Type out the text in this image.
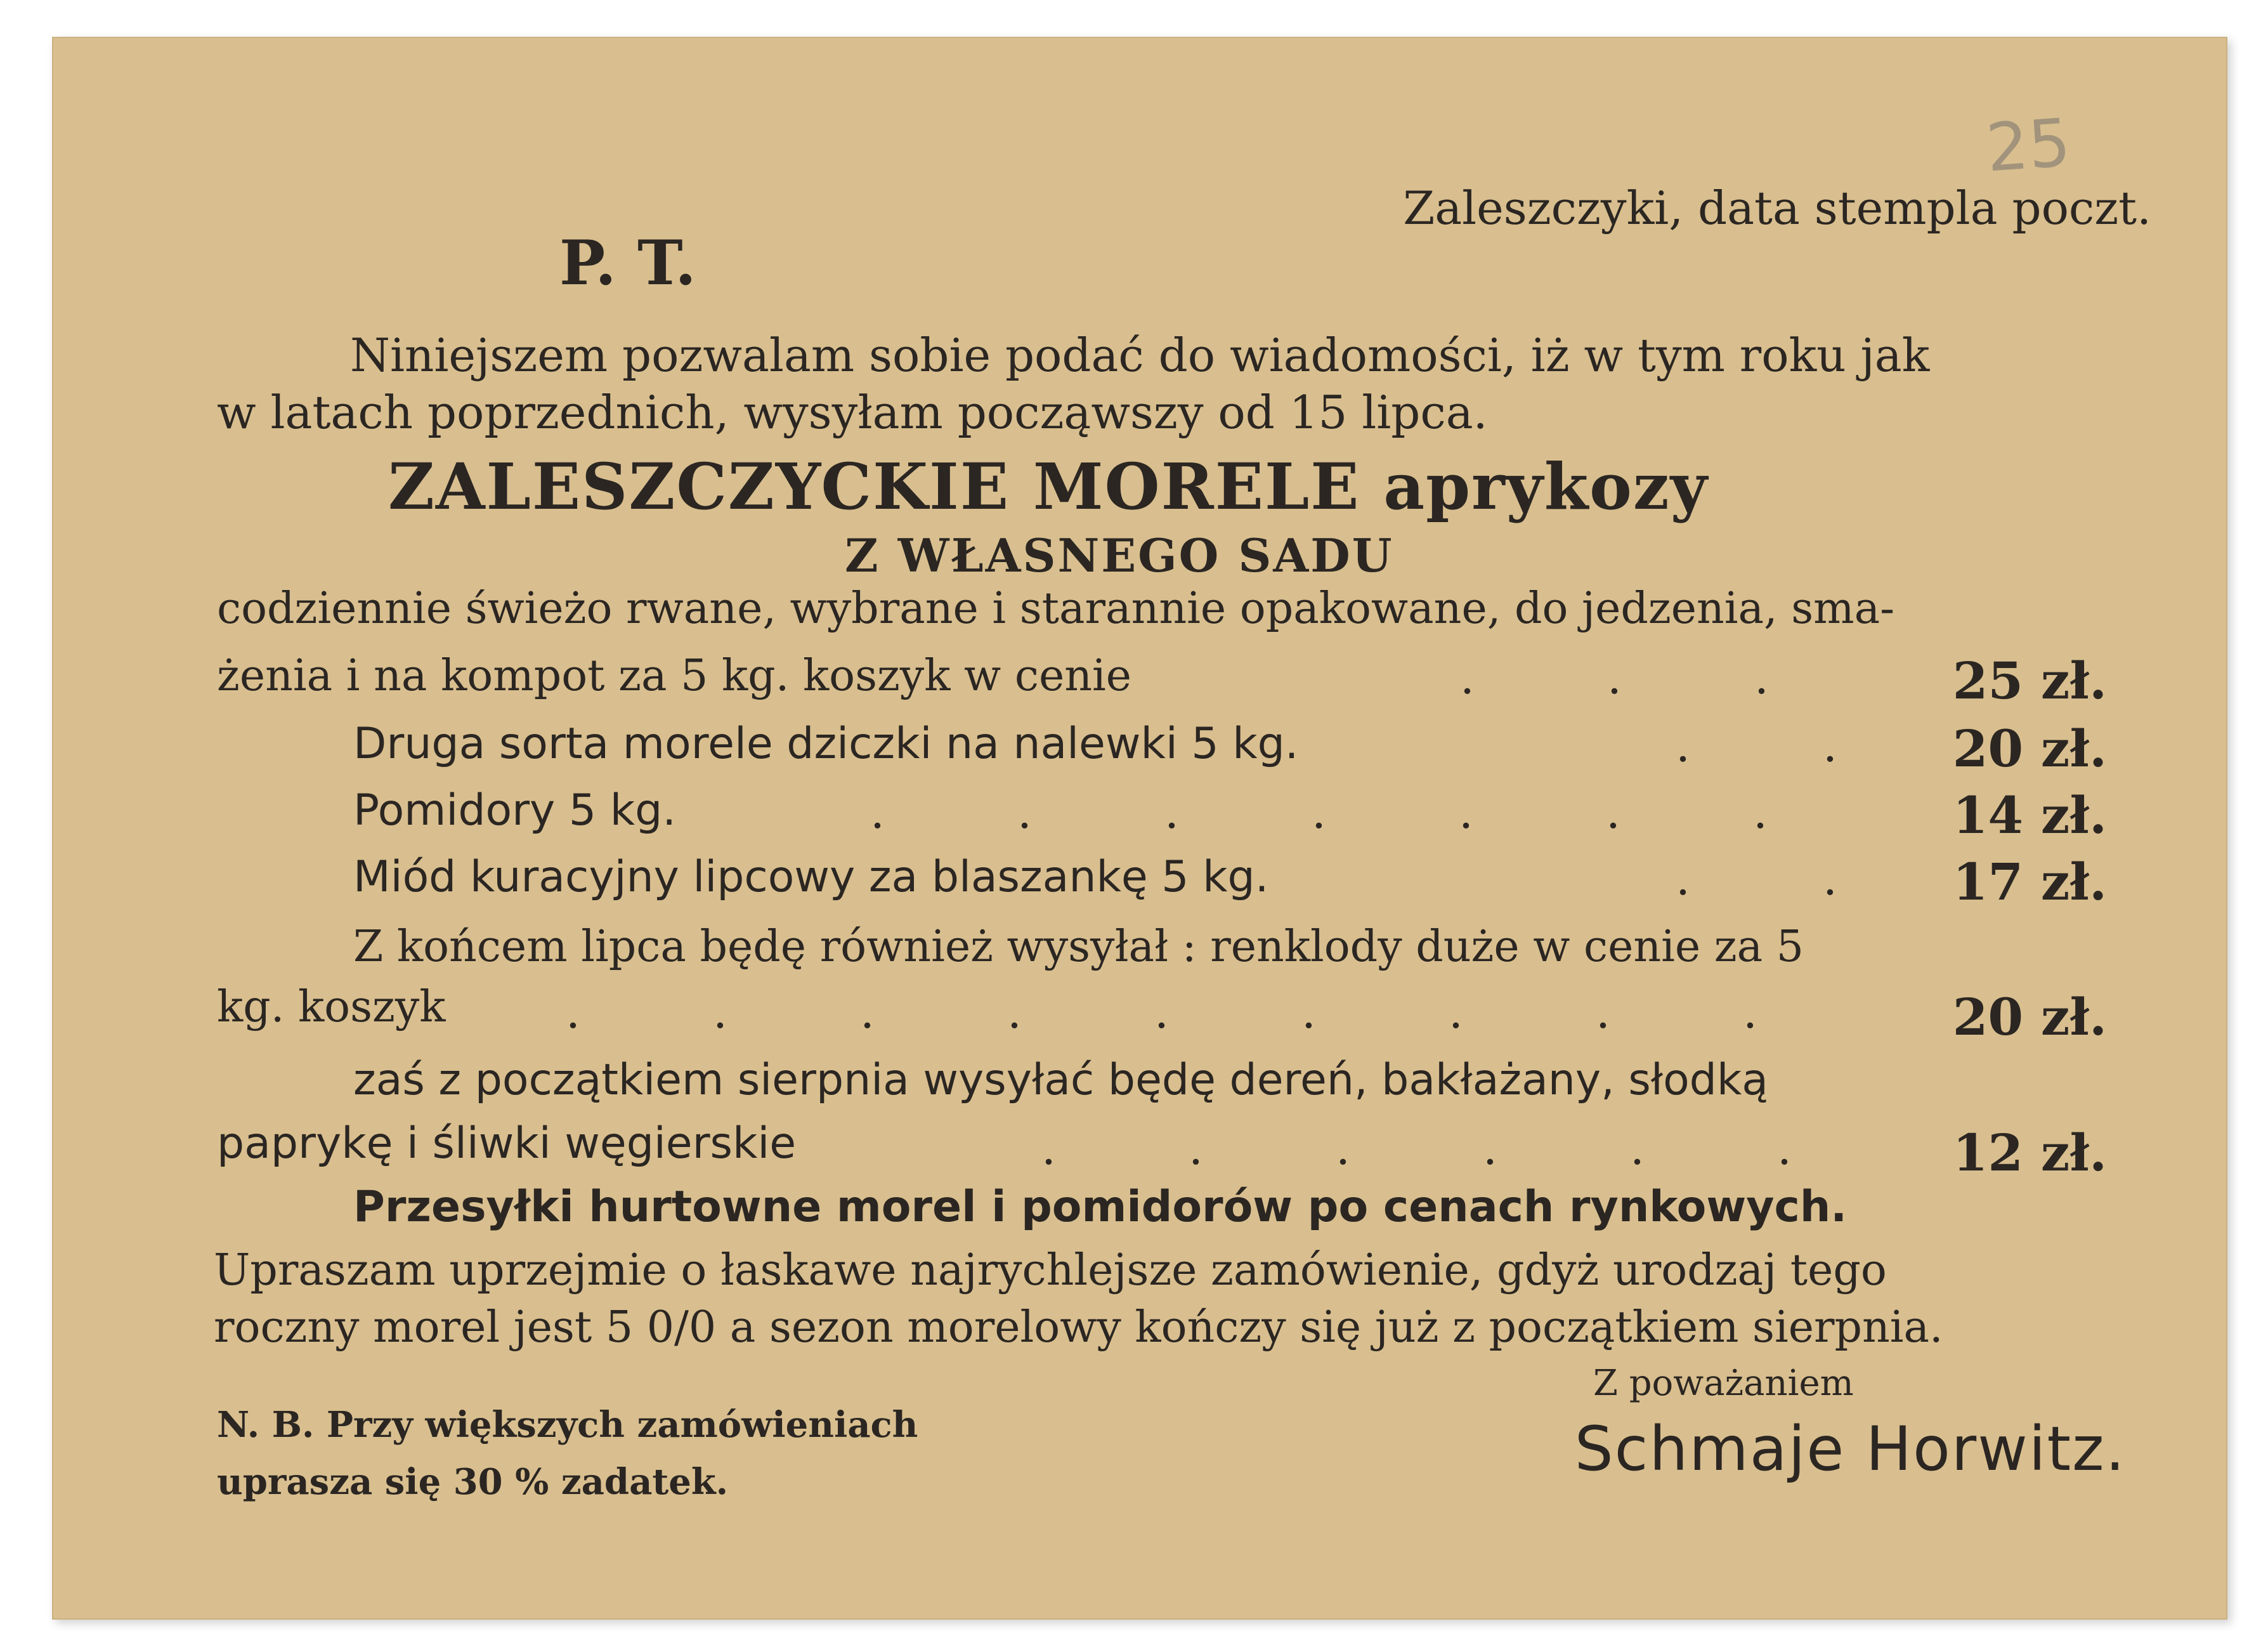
25
Zaleszczyki, data stempla poczt.
P. T.
Niniejszem pozwalam sobie podać do wiadomości, iż w tym roku jak
w latach poprzednich, wysyłam począwszy od 15 lipca.
ZALESZCZYCKIE MORELE aprykozy
Z WŁASNEGO SADU
codziennie świeżo rwane, wybrane i starannie opakowane, do jedzenia, sma-
żenia i na kompot za 5 kg. koszyk w cenie	.	.	.	25 zł.
Druga sorta morele dziczki na nalewki 5 kg.	.	.	20 zł.
Pomidory 5 kg.	.	.	.	.	.	.	.	14 zł.
Miód kuracyjny lipcowy za blaszankę 5 kg.	.	.	17 zł.
Z końcem lipca będę również wysyłał : renklody duże w cenie za 5
kg. koszyk	.	.	.	.	.	.	.	.	.	20 zł.
zaś z początkiem sierpnia wysyłać będę dereń, bakłażany, słodką
paprykę i śliwki węgierskie	.	.	.	.	.	.	12 zł.
Przesyłki hurtowne morel i pomidorów po cenach rynkowych.
Upraszam uprzejmie o łaskawe najrychlejsze zamówienie, gdyż urodzaj tego
roczny morel jest 5 0/0 a sezon morelowy kończy się już z początkiem sierpnia.
Z poważaniem
N. B. Przy większych zamówieniach
uprasza się 30 % zadatek.	Schmaje Horwitz.
